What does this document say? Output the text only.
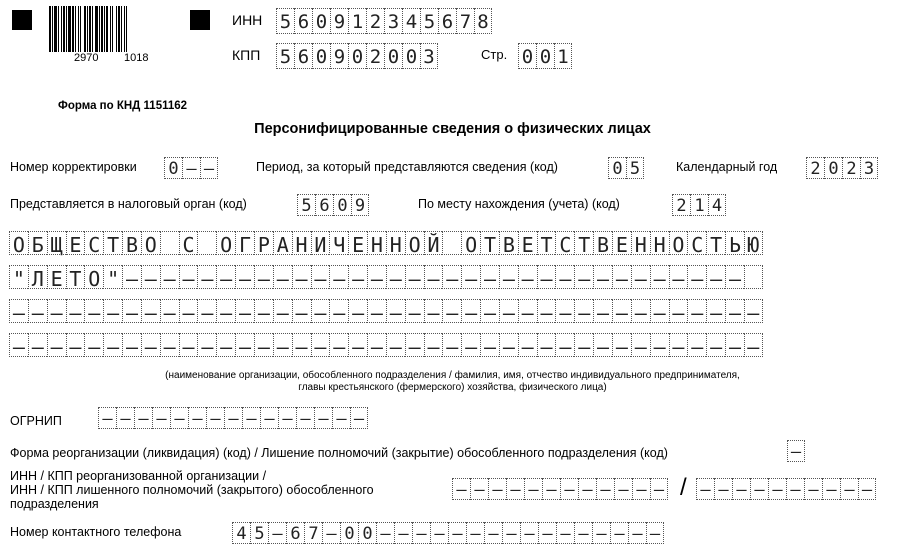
2970 1018
ИНН 5 6 0 9 1 2 3 4 5 6 7 8
КПП 5 6 0 9 0 2 0 0 3	Стр. 0 0 1
Форма по КНД 1151162
Персонифицированные сведения о физических лицах
Номер корректировки 0 – –	Период, за который представляются сведения (код)	0 5	Календарный год 2 0 2 3
Представляется в налоговый орган (код)	5 6 0 9	По месту нахождения (учета) (код)	2 1 4
О Б Щ Е С Т В О С О Г Р А Н И Ч Е Н Н О Й О Т В Е Т С Т В Е Н Н О С Т Ь Ю
" Л Е Т О " – – – – – – – – – – – – – – – – – – – – – – – – – – – – – – – – –
– – – – – – – – – – – – – – – – – – – – – – – – – – – – – – – – – – – – – – – –
– – – – – – – – – – – – – – – – – – – – – – – – – – – – – – – – – – – – – – – –
(наименование организации, обособленного подразделения / фамилия, имя, отчество индивидуального предпринимателя,
главы крестьянского (фермерского) хозяйства, физического лица)
ОГРНИП – – – – – – – – – – – – – – –
Форма реорганизации (ликвидация) (код) / Лишение полномочий (закрытие) обособленного подразделения (код)	–
ИНН / КПП реорганизованной организации /
ИНН / КПП лишенного полномочий (закрытого) обособленного
подразделения
– – – – – – – – – – – – / – – – – – – – – – –
Номер контактного телефона	4 5 – 6 7 – 0 0 – – – – – – – – – – – – – – – –
